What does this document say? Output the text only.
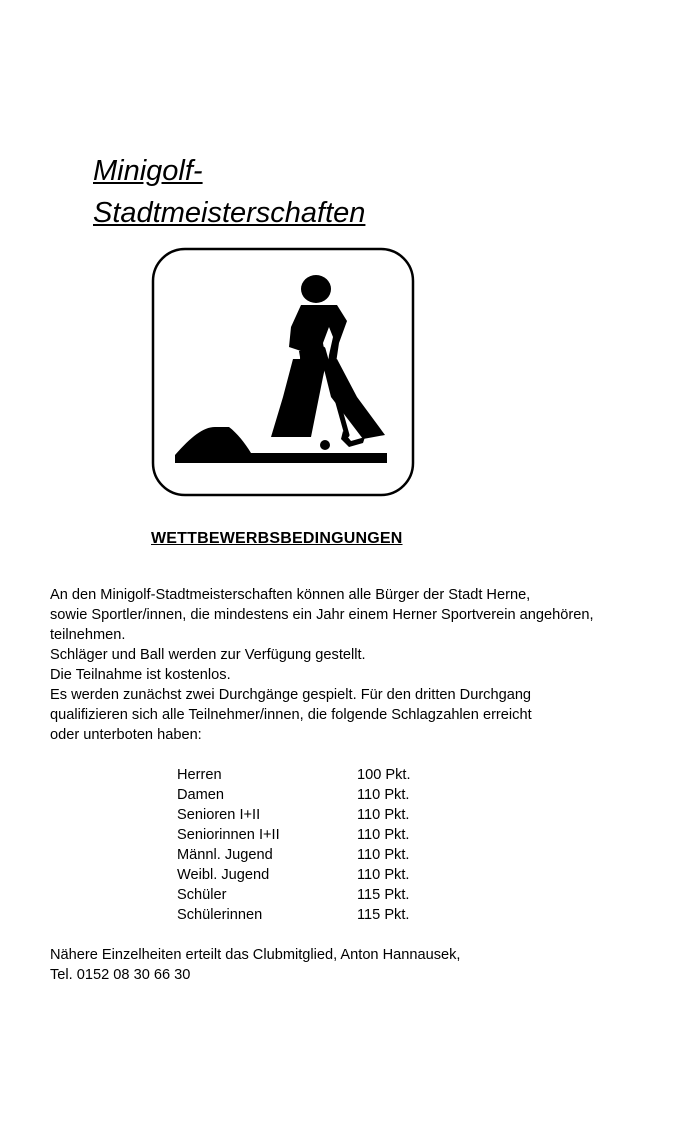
Minigolf-
Stadtmeisterschaften
WETTBEWERBSBEDINGUNGEN

An den Minigolf-Stadtmeisterschaften können alle Bürger der Stadt Herne,

sowie Sportler/innen, die mindestens ein Jahr einem Herner Sportverein angehören,

teilnehmen.

Schläger und Ball werden zur Verfügung gestellt.

Die Teilnahme ist kostenlos.

Es werden zunächst zwei Durchgänge gespielt. Für den dritten Durchgang

qualifizieren sich alle Teilnehmer/innen, die folgende Schlagzahlen erreicht

oder unterboten haben:

Herren	100 Pkt.
Damen	110 Pkt.
Senioren I+II	110 Pkt.
Seniorinnen I+II	110 Pkt.
Männl. Jugend	110 Pkt.
Weibl. Jugend	110 Pkt.
Schüler	115 Pkt.
Schülerinnen	115 Pkt.

Nähere Einzelheiten erteilt das Clubmitglied, Anton Hannausek,

Tel. 0152 08 30 66 30
